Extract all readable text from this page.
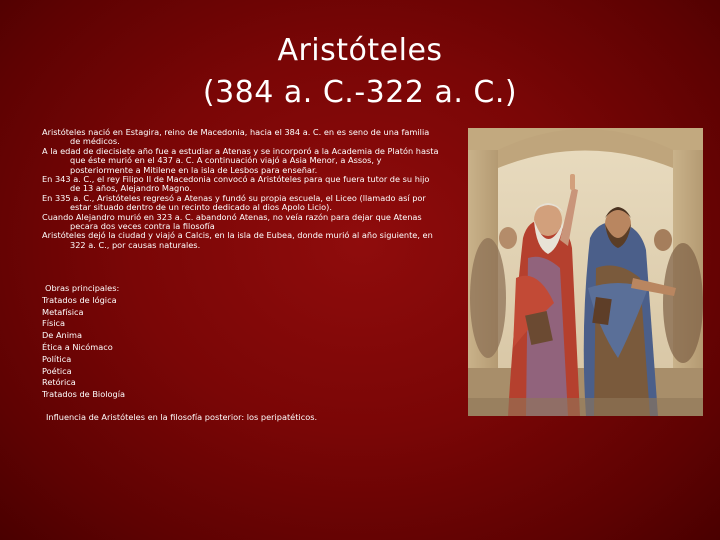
Aristóteles
(384 a. C.-322 a. C.)

Aristóteles nació en Estagira, reino de Macedonia, hacia el 384 a. C. en es seno de una familia de médicos.

A la edad de diecisiete año fue a estudiar a Atenas y se incorporó a la Academia de Platón hasta que éste murió en el 437 a. C. A continuación viajó a Asia Menor, a Assos, y posteriormente a Mitilene en la isla de Lesbos para enseñar.

En 343 a. C., el rey Filipo II de Macedonia convocó a Aristóteles para que fuera tutor de su hijo de 13 años, Alejandro Magno.

En 335 a. C., Aristóteles regresó a Atenas y fundó su propia escuela, el Liceo (llamado así por estar situado dentro de un recinto dedicado al dios Apolo Licio).

Cuando Alejandro murió en 323 a. C. abandonó Atenas, no veía razón para dejar que Atenas pecara dos veces contra la filosofía

Aristóteles dejó la ciudad y viajó a Calcis, en la isla de Eubea, donde murió al año siguiente, en 322 a. C., por causas naturales.

Obras principales:
Tratados de lógica
Metafísica
Física
De Anima
Ética a Nicómaco
Política
Poética
Retórica
Tratados de Biología
Influencia de Aristóteles en la filosofía posterior: los peripatéticos.
